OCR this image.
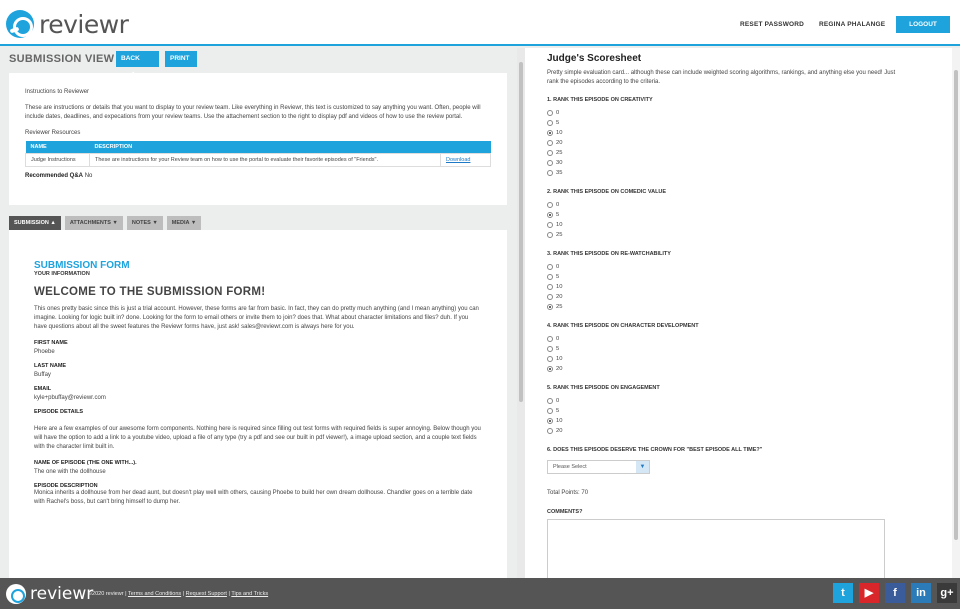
reviewr	RESET PASSWORD REGINA PHALANGE	LOGOUT
SUBMISSION VIEW	BACK	PRINT
Instructions to Reviewer
These are instructions or details that you want to display to your review team. Like everything in Reviewr, this text is customized to say anything you want. Often, people will include dates, deadlines, and expecations from your review teams. Use the attachement section to the right to display pdf and videos of how to use the review portal.
Reviewer Resources
NAME	DESCRIPTION	
Judge Instructions	These are instructions for your Review team on how to use the portal to evaluate their favorite episodes of "Friends".	Download
Recommended Q&A No
SUBMISSION ▲	ATTACHMENTS ▼	NOTES ▼	MEDIA ▼
SUBMISSION FORM
YOUR INFORMATION
WELCOME TO THE SUBMISSION FORM!
This ones pretty basic since this is just a trial account. However, these forms are far from basic. In fact, they can do pretty much anything (and I mean anything) you can imagine. Looking for logic built in? done. Looking for the form to email others or invite them to join? does that. What about character limitations and files? duh. If you have questions about all the sweet features the Reviewr forms have, just ask! sales@reviewr.com is always here for you.
FIRST NAME
Phoebe
LAST NAME
Buffay
EMAIL
kyle+pbuffay@reviewr.com
EPISODE DETAILS
Here are a few examples of our awesome form components. Nothing here is required since filling out test forms with required fields is super annoying. Below though you will have the option to add a link to a youtube video, upload a file of any type (try a pdf and see our built in pdf viewer!), a image upload section, and a couple text fields with the character limit built in.
NAME OF EPISODE (THE ONE WITH...).
The one with the dollhouse
EPISODE DESCRIPTION
Monica inherits a dollhouse from her dead aunt, but doesn't play well with others, causing Phoebe to build her own dream dollhouse. Chandler goes on a terrible date with Rachel's boss, but can't bring himself to dump her.
Judge's Scoresheet
Pretty simple evaluation card... although these can include weighted scoring algorithms, rankings, and anything else you need! Just rank the episodes according to the criteria.
1. RANK THIS EPISODE ON CREATIVITY
0
5
10
20
25
30
35
2. RANK THIS EPISODE ON COMEDIC VALUE
0
5
10
25
3. RANK THIS EPISODE ON RE-WATCHABILITY
0
5
10
20
25
4. RANK THIS EPISODE ON CHARACTER DEVELOPMENT
0
5
10
20
5. RANK THIS EPISODE ON ENGAGEMENT
0
5
10
20
6. DOES THIS EPISODE DESERVE THE CROWN FOR "BEST EPISODE ALL TIME?"
Please Select	▼
Total Points: 70
COMMENTS?
reviewr
©2020 reviewr | Terms and Conditions | Request Support | Tips and Tricks	t	▶	f	in	g+
